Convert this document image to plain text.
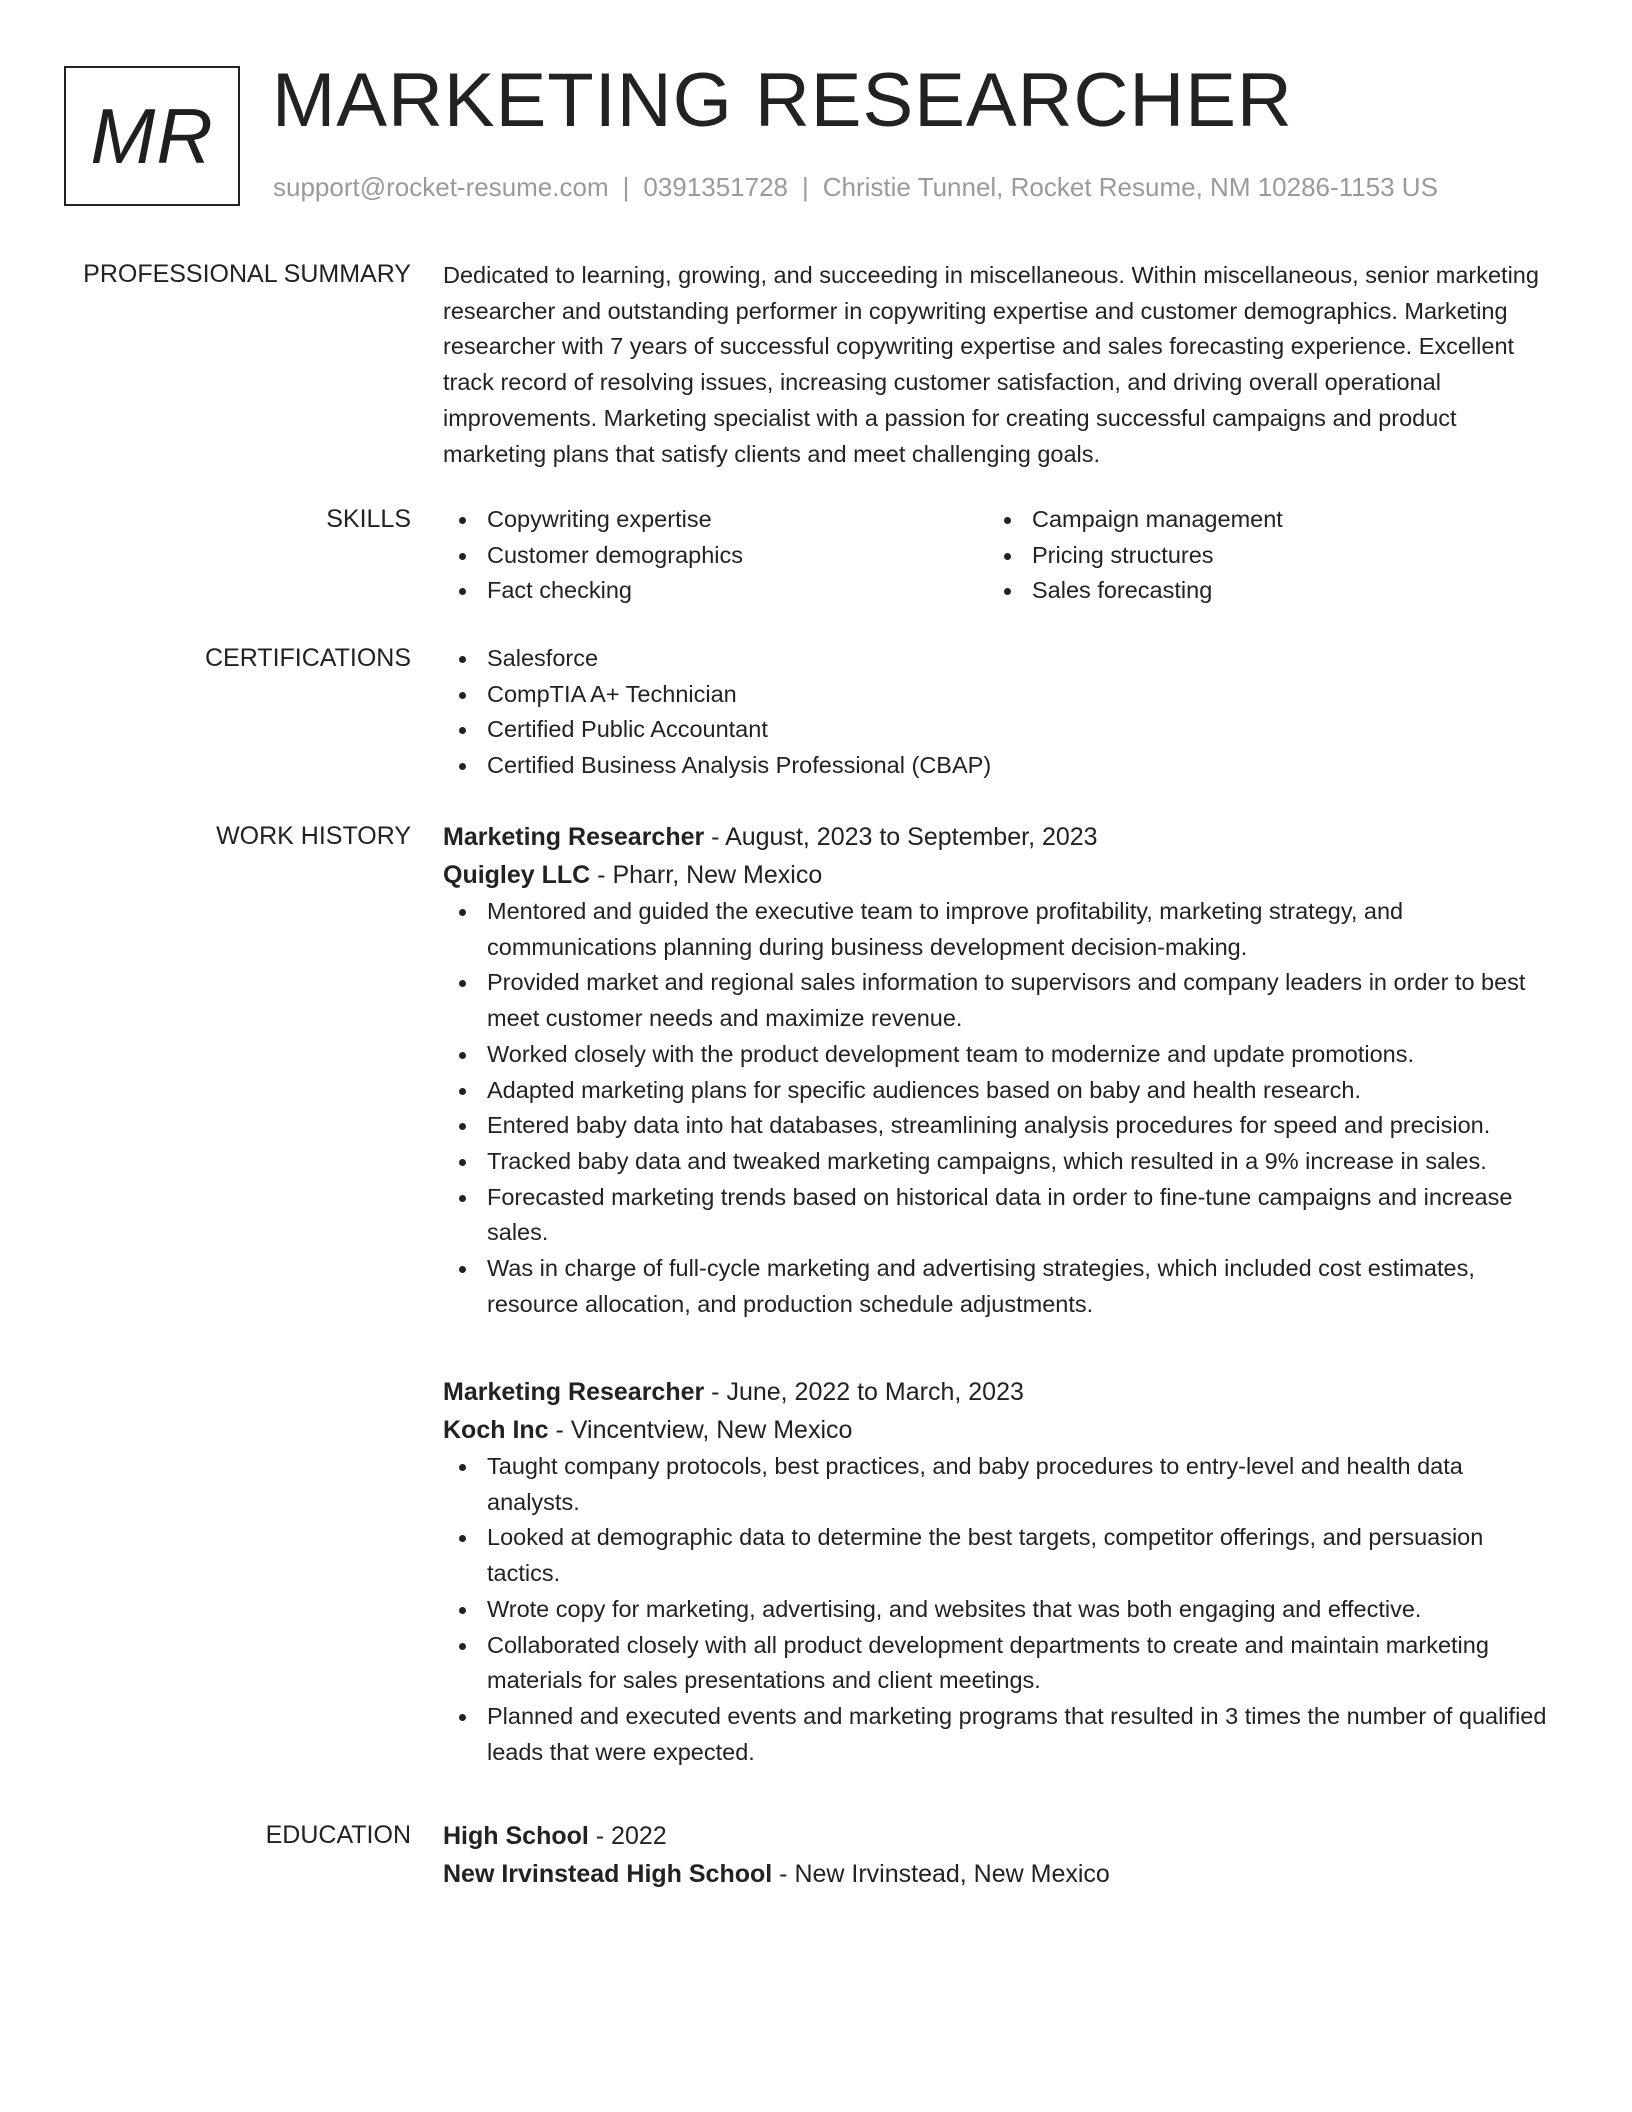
MR MARKETING RESEARCHER
support@rocket-resume.com | 0391351728 | Christie Tunnel, Rocket Resume, NM 10286-1153 US
PROFESSIONAL SUMMARY Dedicated to learning, growing, and succeeding in miscellaneous. Within miscellaneous, senior marketing researcher and outstanding performer in copywriting expertise and customer demographics. Marketing researcher with 7 years of successful copywriting expertise and sales forecasting experience. Excellent track record of resolving issues, increasing customer satisfaction, and driving overall operational improvements. Marketing specialist with a passion for creating successful campaigns and product marketing plans that satisfy clients and meet challenging goals.

SKILLS	Copywriting expertise
Customer demographics
Fact checking
Campaign management
Pricing structures
Sales forecasting
CERTIFICATIONS	Salesforce
CompTIA A+ Technician
Certified Public Accountant
Certified Business Analysis Professional (CBAP)
WORK HISTORY Marketing Researcher - August, 2023 to September, 2023
Quigley LLC - Pharr, New Mexico
Mentored and guided the executive team to improve profitability, marketing strategy, and communications planning during business development decision-making.
Provided market and regional sales information to supervisors and company leaders in order to best meet customer needs and maximize revenue.
Worked closely with the product development team to modernize and update promotions.
Adapted marketing plans for specific audiences based on baby and health research.
Entered baby data into hat databases, streamlining analysis procedures for speed and precision.
Tracked baby data and tweaked marketing campaigns, which resulted in a 9% increase in sales.
Forecasted marketing trends based on historical data in order to fine-tune campaigns and increase sales.
Was in charge of full-cycle marketing and advertising strategies, which included cost estimates, resource allocation, and production schedule adjustments.
Marketing Researcher - June, 2022 to March, 2023
Koch Inc - Vincentview, New Mexico
Taught company protocols, best practices, and baby procedures to entry-level and health data analysts.
Looked at demographic data to determine the best targets, competitor offerings, and persuasion tactics.
Wrote copy for marketing, advertising, and websites that was both engaging and effective.
Collaborated closely with all product development departments to create and maintain marketing materials for sales presentations and client meetings.
Planned and executed events and marketing programs that resulted in 3 times the number of qualified leads that were expected.
EDUCATION High School - 2022
New Irvinstead High School - New Irvinstead, New Mexico
